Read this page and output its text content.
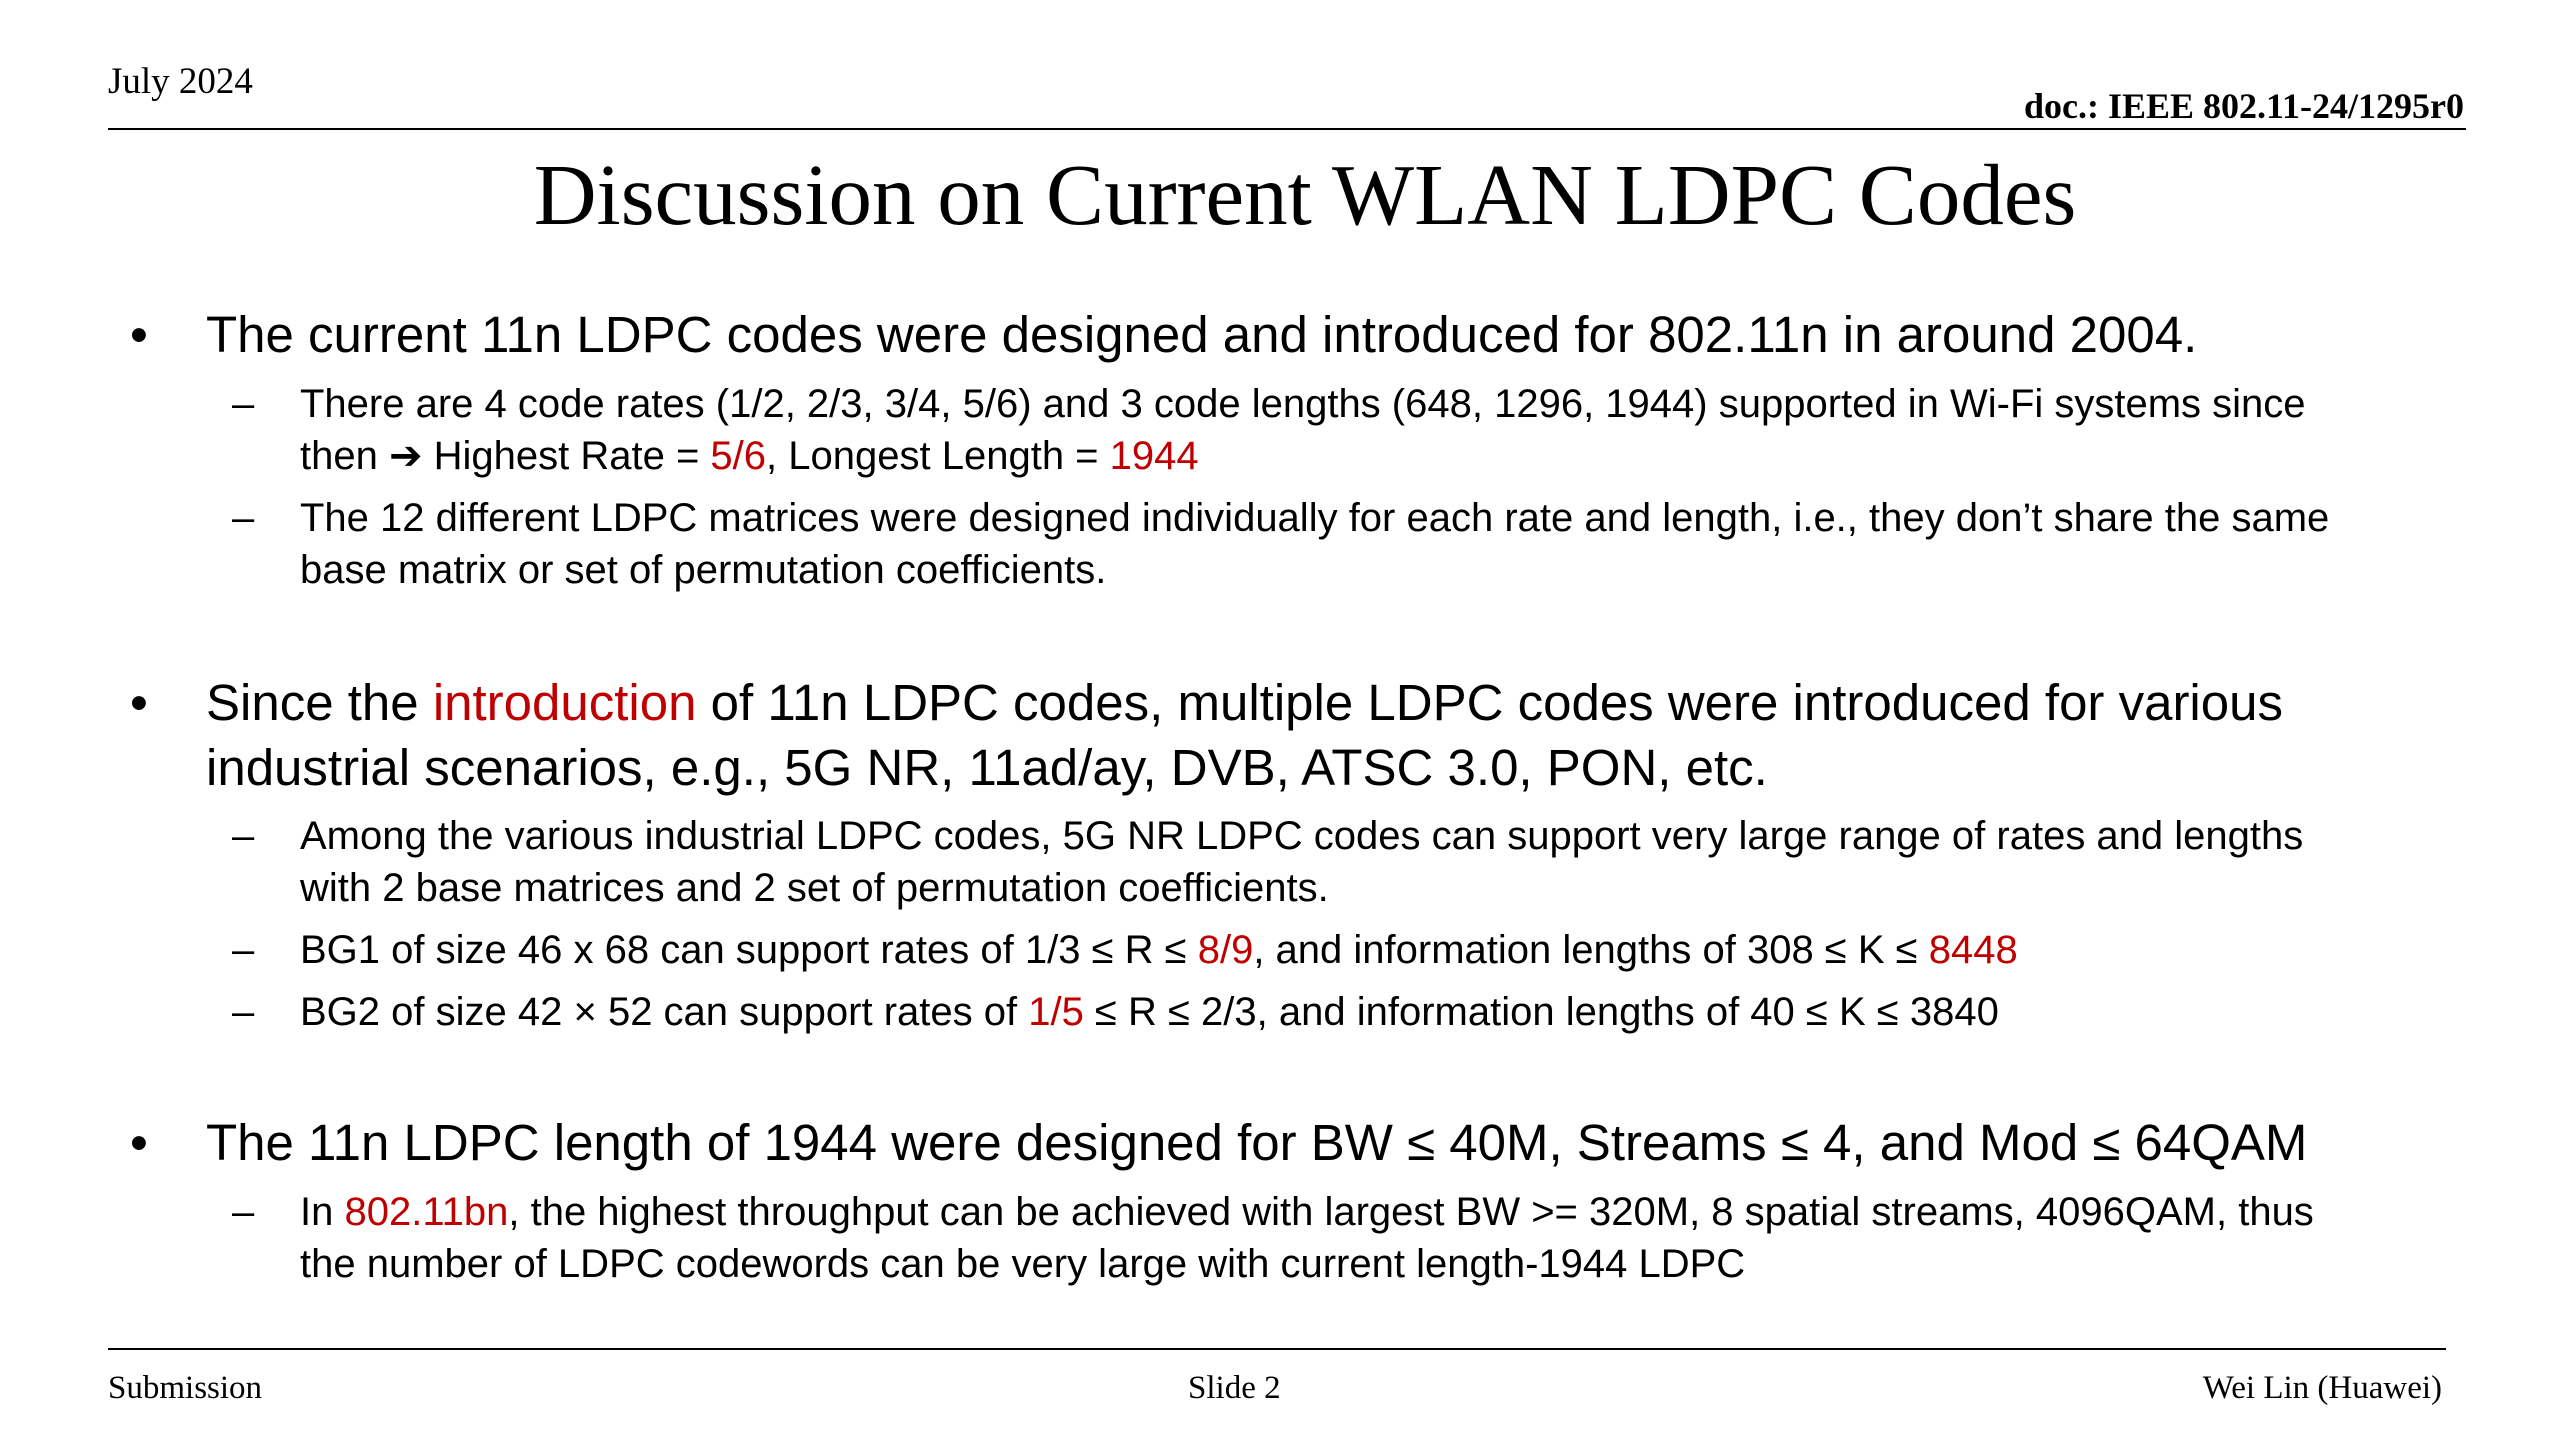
July 2024
doc.: IEEE 802.11-24/1295r0
Discussion on Current WLAN LDPC Codes
• The current 11n LDPC codes were designed and introduced for 802.11n in around 2004.
– There are 4 code rates (1/2, 2/3, 3/4, 5/6) and 3 code lengths (648, 1296, 1944) supported in Wi-Fi systems since
then ➔ Highest Rate = 5/6, Longest Length = 1944
– The 12 different LDPC matrices were designed individually for each rate and length, i.e., they don’t share the same
base matrix or set of permutation coefficients.
• Since the introduction of 11n LDPC codes, multiple LDPC codes were introduced for various
industrial scenarios, e.g., 5G NR, 11ad/ay, DVB, ATSC 3.0, PON, etc.
– Among the various industrial LDPC codes, 5G NR LDPC codes can support very large range of rates and lengths
with 2 base matrices and 2 set of permutation coefficients.
– BG1 of size 46 x 68 can support rates of 1/3 ≤ R ≤ 8/9, and information lengths of 308 ≤ K ≤ 8448
– BG2 of size 42 × 52 can support rates of 1/5 ≤ R ≤ 2/3, and information lengths of 40 ≤ K ≤ 3840
• The 11n LDPC length of 1944 were designed for BW ≤ 40M, Streams ≤ 4, and Mod ≤ 64QAM
– In 802.11bn, the highest throughput can be achieved with largest BW >= 320M, 8 spatial streams, 4096QAM, thus
the number of LDPC codewords can be very large with current length-1944 LDPC
Submission	Slide 2	Wei Lin (Huawei)
